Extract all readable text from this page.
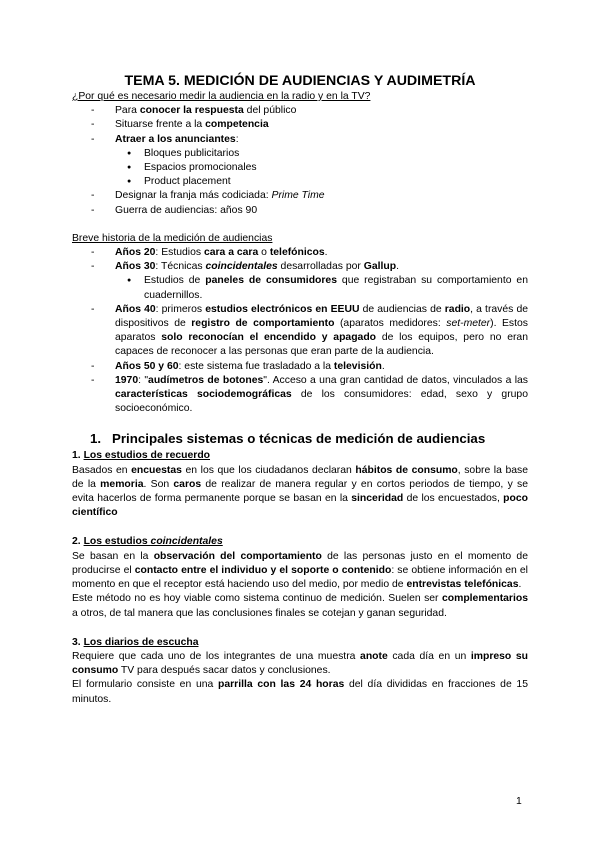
TEMA 5. MEDICIÓN DE AUDIENCIAS Y AUDIMETRÍA

¿Por qué es necesario medir la audiencia en la radio y en la TV?

- Para conocer la respuesta del público
- Situarse frente a la competencia
- Atraer a los anunciantes:
● Bloques publicitarios
● Espacios promocionales
● Product placement
- Designar la franja más codiciada: Prime Time
- Guerra de audiencias: años 90

Breve historia de la medición de audiencias

- Años 20: Estudios cara a cara o telefónicos.
- Años 30: Técnicas coincidentales desarrolladas por Gallup.
● Estudios de paneles de consumidores que registraban su comportamiento en cuadernillos.
- Años 40: primeros estudios electrónicos en EEUU de audiencias de radio, a través de dispositivos de registro de comportamiento (aparatos medidores: set-meter). Estos aparatos solo reconocían el encendido y apagado de los equipos, pero no eran capaces de reconocer a las personas que eran parte de la audiencia.
- Años 50 y 60: este sistema fue trasladado a la televisión.
- 1970: "audímetros de botones". Acceso a una gran cantidad de datos, vinculados a las características sociodemográficas de los consumidores: edad, sexo y grupo socioeconómico.
1. Principales sistemas o técnicas de medición de audiencias

1. Los estudios de recuerdo

Basados en encuestas en los que los ciudadanos declaran hábitos de consumo, sobre la base de la memoria. Son caros de realizar de manera regular y en cortos periodos de tiempo, y se evita hacerlos de forma permanente porque se basan en la sinceridad de los encuestados, poco científico

2. Los estudios coincidentales

Se basan en la observación del comportamiento de las personas justo en el momento de producirse el contacto entre el individuo y el soporte o contenido: se obtiene información en el momento en que el receptor está haciendo uso del medio, por medio de entrevistas telefónicas.

Este método no es hoy viable como sistema continuo de medición. Suelen ser complementarios a otros, de tal manera que las conclusiones finales se cotejan y ganan seguridad.

3. Los diarios de escucha

Requiere que cada uno de los integrantes de una muestra anote cada día en un impreso su consumo TV para después sacar datos y conclusiones.

El formulario consiste en una parrilla con las 24 horas del día divididas en fracciones de 15 minutos.

1
